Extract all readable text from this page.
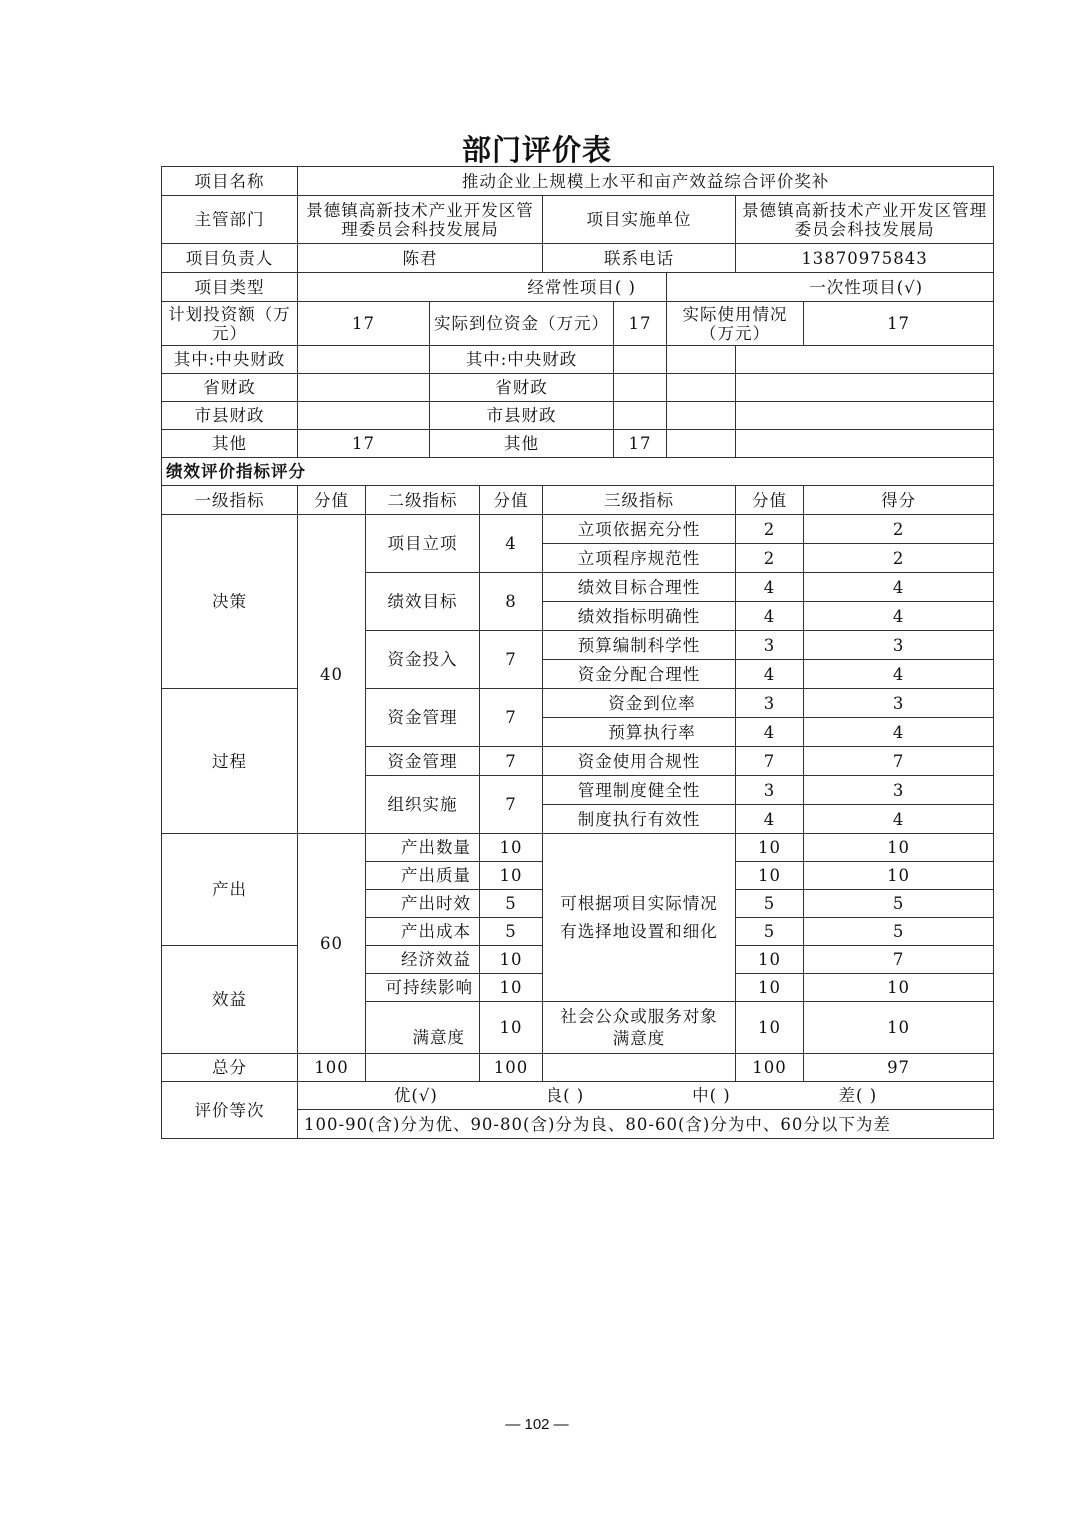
部门评价表
项目名称	推动企业上规模上水平和亩产效益综合评价奖补								
主管部门	景德镇高新技术产业开发区管理委员会科技发展局				项目实施单位			景德镇高新技术产业开发区管理委员会科技发展局	
项目负责人	陈君				联系电话			13870975843	
项目类型	经常性项目( )						一次性项目(√)		
计划投资额（万元）	17		实际到位资金（万元）			17	实际使用情况 （万元）		17
其中:中央财政			其中:中央财政						
省财政			省财政						
市县财政			市县财政						
其他	17		其他			17			
绩效评价指标评分									
一级指标	分值	二级指标		分值	三级指标			分值	得分
决策	40	项目立项		4	立项依据充分性			2	2
					立项程序规范性			2	2
		绩效目标		8	绩效目标合理性			4	4
					绩效指标明确性			4	4
		资金投入		7	预算编制科学性			3	3
					资金分配合理性			4	4
过程		资金管理		7	资金到位率			3	3
					预算执行率			4	4
		资金管理		7	资金使用合规性			7	7
		组织实施		7	管理制度健全性			3	3
					制度执行有效性			4	4
产出	60	产出数量		10	可根据项目实际情况有选择地设置和细化			10	10
		产出质量		10				10	10
		产出时效		5				5	5
		产出成本		5				5	5
效益		经济效益		10				10	7
		可持续影响		10				10	10
		满意度		10	社会公众或服务对象满意度			10	10
总分	100			100				100	97
评价等次	优(√) 良( ) 中( ) 差( )								

	100-90(含)分为优、90-80(含)分为良、80-60(含)分为中、60分以下为差								
— 102 —
